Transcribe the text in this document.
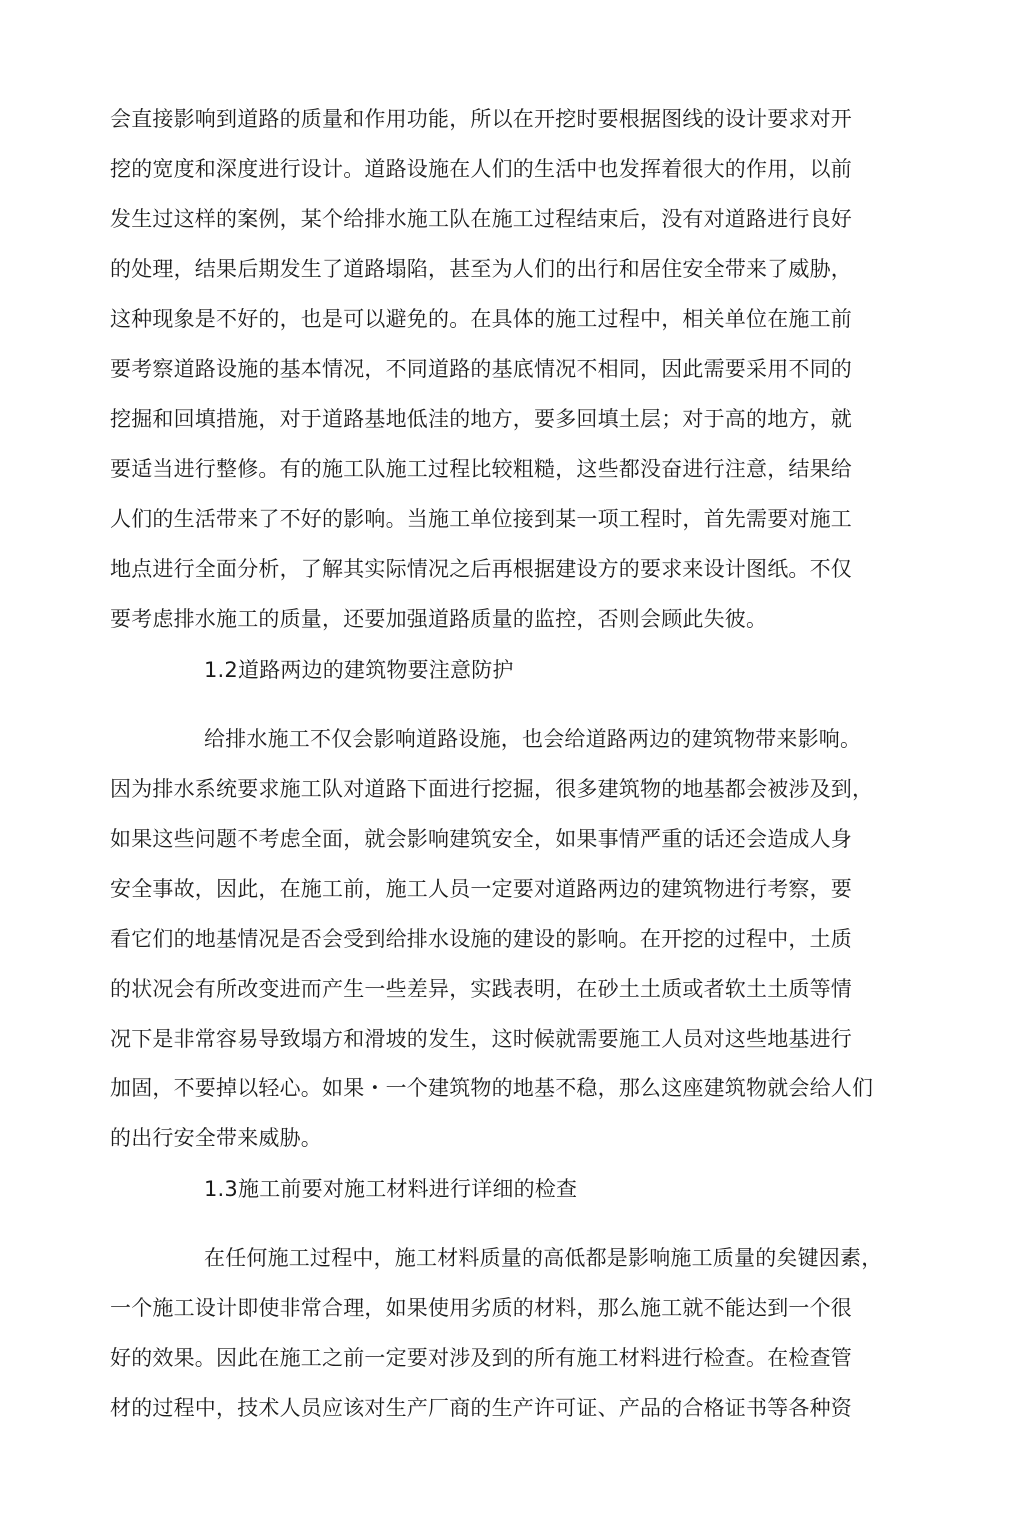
会直接影响到道路的质量和作用功能，所以在开挖时要根据图线的设计要求对开
挖的宽度和深度进行设计。道路设施在人们的生活中也发挥着很大的作用，以前
发生过这样的案例，某个给排水施工队在施工过程结束后，没有对道路进行良好
的处理，结果后期发生了道路塌陷，甚至为人们的出行和居住安全带来了威胁，
这种现象是不好的，也是可以避免的。在具体的施工过程中，相关单位在施工前
要考察道路设施的基本情况，不同道路的基底情况不相同，因此需要采用不同的
挖掘和回填措施，对于道路基地低洼的地方，要多回填土层；对于高的地方，就
要适当进行整修。有的施工队施工过程比较粗糙，这些都没奋进行注意，结果给
人们的生活带来了不好的影响。当施工单位接到某一项工程时，首先需要对施工
地点进行全面分析，了解其实际情况之后再根据建设方的要求来设计图纸。不仅
要考虑排水施工的质量，还要加强道路质量的监控，否则会顾此失彼。
1.2道路两边的建筑物要注意防护
给排水施工不仅会影响道路设施，也会给道路两边的建筑物带来影响。
因为排水系统要求施工队对道路下面进行挖掘，很多建筑物的地基都会被涉及到，
如果这些问题不考虑全面，就会影响建筑安全，如果事情严重的话还会造成人身
安全事故，因此，在施工前，施工人员一定要对道路两边的建筑物进行考察，要
看它们的地基情况是否会受到给排水设施的建设的影响。在开挖的过程中，土质
的状况会有所改变进而产生一些差异，实践表明，在砂土土质或者软土土质等情
况下是非常容易导致塌方和滑坡的发生，这时候就需要施工人员对这些地基进行
加固，不要掉以轻心。如果・一个建筑物的地基不稳，那么这座建筑物就会给人们
的出行安全带来威胁。
1.3施工前要对施工材料进行详细的检查
在任何施工过程中，施工材料质量的高低都是影响施工质量的矣键因素，
一个施工设计即使非常合理，如果使用劣质的材料，那么施工就不能达到一个很
好的效果。因此在施工之前一定要对涉及到的所有施工材料进行检查。在检查管
材的过程中，技术人员应该对生产厂商的生产许可证、产品的合格证书等各种资
